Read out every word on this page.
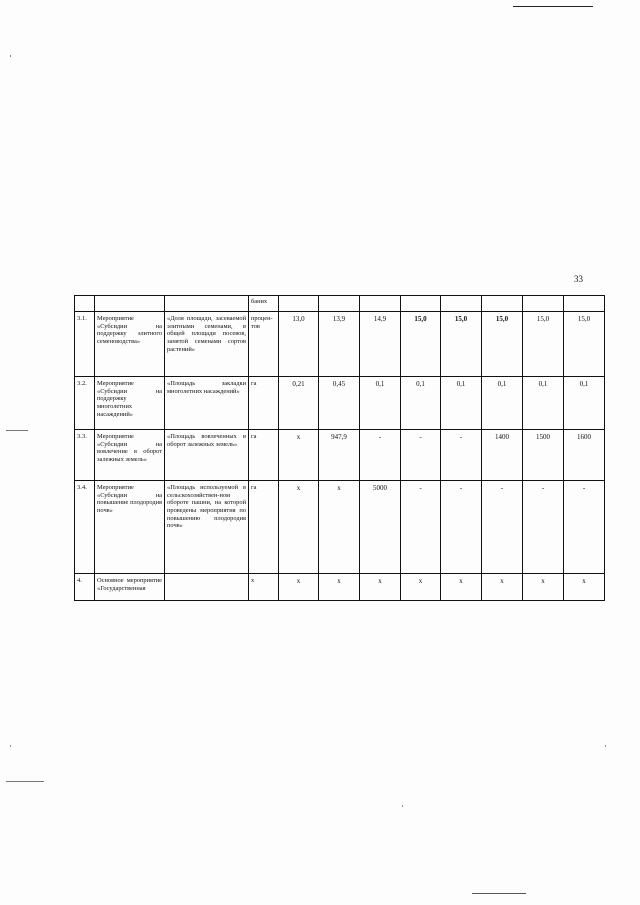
33
			баних								
3.1.	Мероприятие «Субсидии на поддержку элитного семеноводства»	«Доля площади, засеваемой элитными семенами, в общей площади посевов, занятой семенами сортов растений»	процен-тов	13,0	13,9	14,9	15,0	15,0	15,0	15,0	15,0
3.2.	Мероприятие «Субсидии на поддержку многолетних насаждений»	«Площадь закладки многолетних насаждений»	га	0,21	0,45	0,1	0,1	0,1	0,1	0,1	0,1
3.3.	Мероприятие «Субсидии на вовлечение в оборот залежных земель»	«Площадь вовлеченных в оборот залежных земель»	га	х	947,9	-	-	-	1400	1500	1600
3.4.	Мероприятие «Субсидии на повышение плодородия почв»	«Площадь используемой в сельскохозяйствен-ном обороте пашни, на которой проведены мероприятия по повышению плодородия почв»	га	х	х	5000	-	-	-	-	-
4.	Основное мероприятие «Государственная		х	х	х	х	х	х	х	х	х
